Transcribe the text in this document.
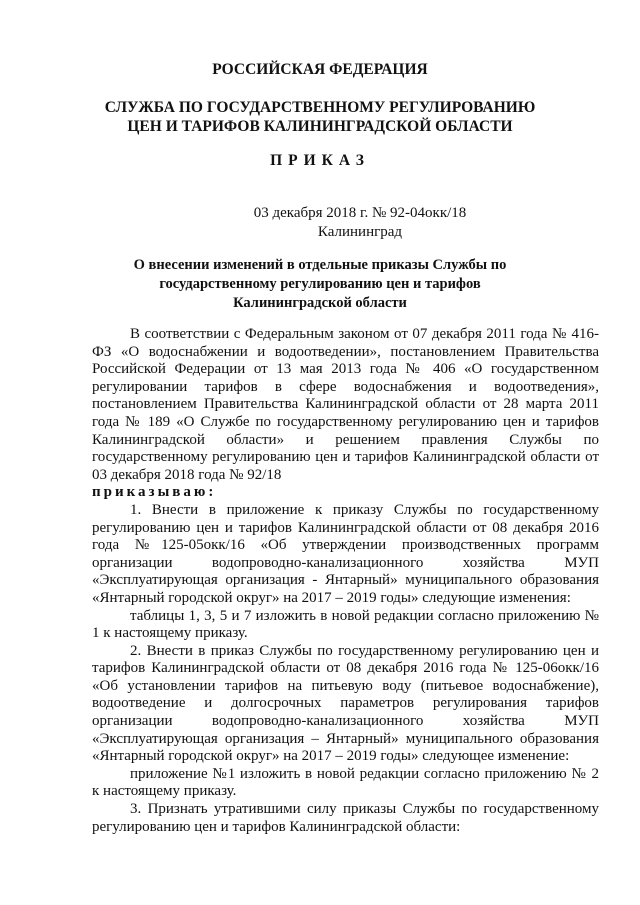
РОССИЙСКАЯ ФЕДЕРАЦИЯ
СЛУЖБА ПО ГОСУДАРСТВЕННОМУ РЕГУЛИРОВАНИЮ
ЦЕН И ТАРИФОВ КАЛИНИНГРАДСКОЙ ОБЛАСТИ
ПРИКАЗ
03 декабря 2018 г. № 92-04окк/18
Калининград
О внесении изменений в отдельные приказы Службы по
государственному регулированию цен и тарифов
Калининградской области

В соответствии с Федеральным законом от 07 декабря 2011 года № 416-ФЗ «О водоснабжении и водоотведении», постановлением Правительства Российской Федерации от 13 мая 2013 года № 406 «О государственном регулировании тарифов в сфере водоснабжения и водоотведения», постановлением Правительства Калининградской области от 28 марта 2011 года № 189 «О Службе по государственному регулированию цен и тарифов Калининградской области» и решением правления Службы по государственному регулированию цен и тарифов Калининградской области от 03 декабря 2018 года № 92/18

приказываю:

1. Внести в приложение к приказу Службы по государственному регулированию цен и тарифов Калининградской области от 08 декабря 2016 года №125-05окк/16 «Об утверждении производственных программ организации водопроводно-канализационного хозяйства МУП «Эксплуатирующая организация - Янтарный» муниципального образования «Янтарный городской округ» на 2017 – 2019 годы» следующие изменения:

таблицы 1, 3, 5 и 7 изложить в новой редакции согласно приложению № 1 к настоящему приказу.

2. Внести в приказ Службы по государственному регулированию цен и тарифов Калининградской области от 08 декабря 2016 года № 125-06окк/16 «Об установлении тарифов на питьевую воду (питьевое водоснабжение), водоотведение и долгосрочных параметров регулирования тарифов организации водопроводно-канализационного хозяйства МУП «Эксплуатирующая организация – Янтарный» муниципального образования «Янтарный городской округ» на 2017 – 2019 годы» следующее изменение:

приложение №1 изложить в новой редакции согласно приложению № 2 к настоящему приказу.

3. Признать утратившими силу приказы Службы по государственному регулированию цен и тарифов Калининградской области:
